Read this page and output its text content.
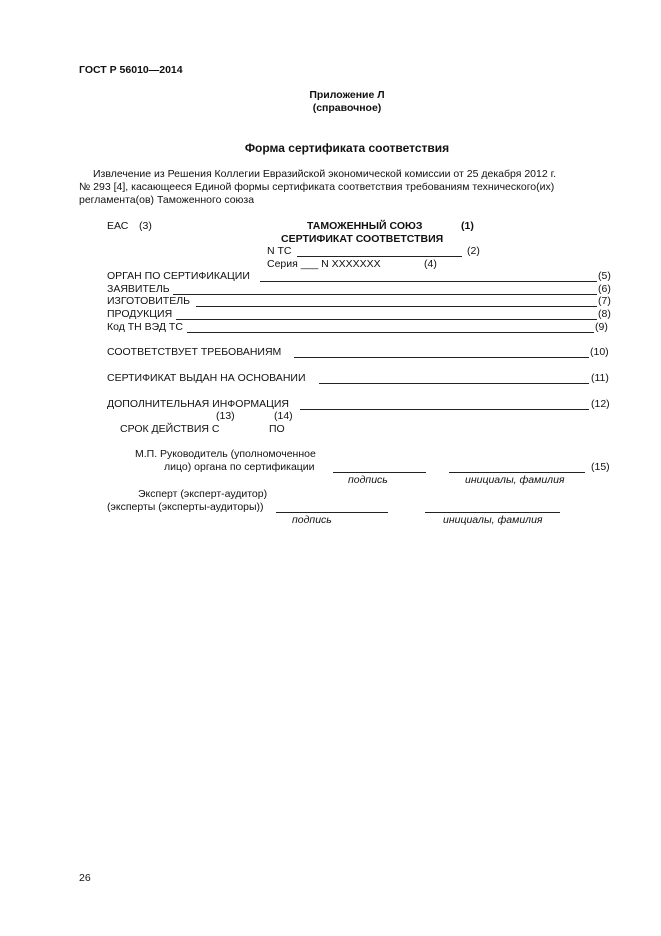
ГОСТ Р 56010—2014
Приложение Л
(справочное)
Форма сертификата соответствия
Извлечение из Решения Коллегии Евразийской экономической комиссии от 25 декабря 2012 г.
№ 293 [4], касающееся Единой формы сертификата соответствия требованиям технического(их)
регламента(ов) Таможенного союза
ЕАС (3)	ТАМОЖЕННЫЙ СОЮЗ	(1)
СЕРТИФИКАТ СООТВЕТСТВИЯ
N ТС	(2)
Серия ___ N ХХХХХХХ	(4)
ОРГАН ПО СЕРТИФИКАЦИИ	(5)
ЗАЯВИТЕЛЬ	(6)
ИЗГОТОВИТЕЛЬ	(7)
ПРОДУКЦИЯ	(8)
Код ТН ВЭД ТС	(9)
СООТВЕТСТВУЕТ ТРЕБОВАНИЯМ	(10)
СЕРТИФИКАТ ВЫДАН НА ОСНОВАНИИ	(11)
ДОПОЛНИТЕЛЬНАЯ ИНФОРМАЦИЯ	(12)
(13)	(14)
СРОК ДЕЙСТВИЯ С	ПО
М.П. Руководитель (уполномоченное
лицо) органа по сертификации	(15)
подпись	инициалы, фамилия
Эксперт (эксперт-аудитор)
(эксперты (эксперты-аудиторы))
подпись	инициалы, фамилия
26
